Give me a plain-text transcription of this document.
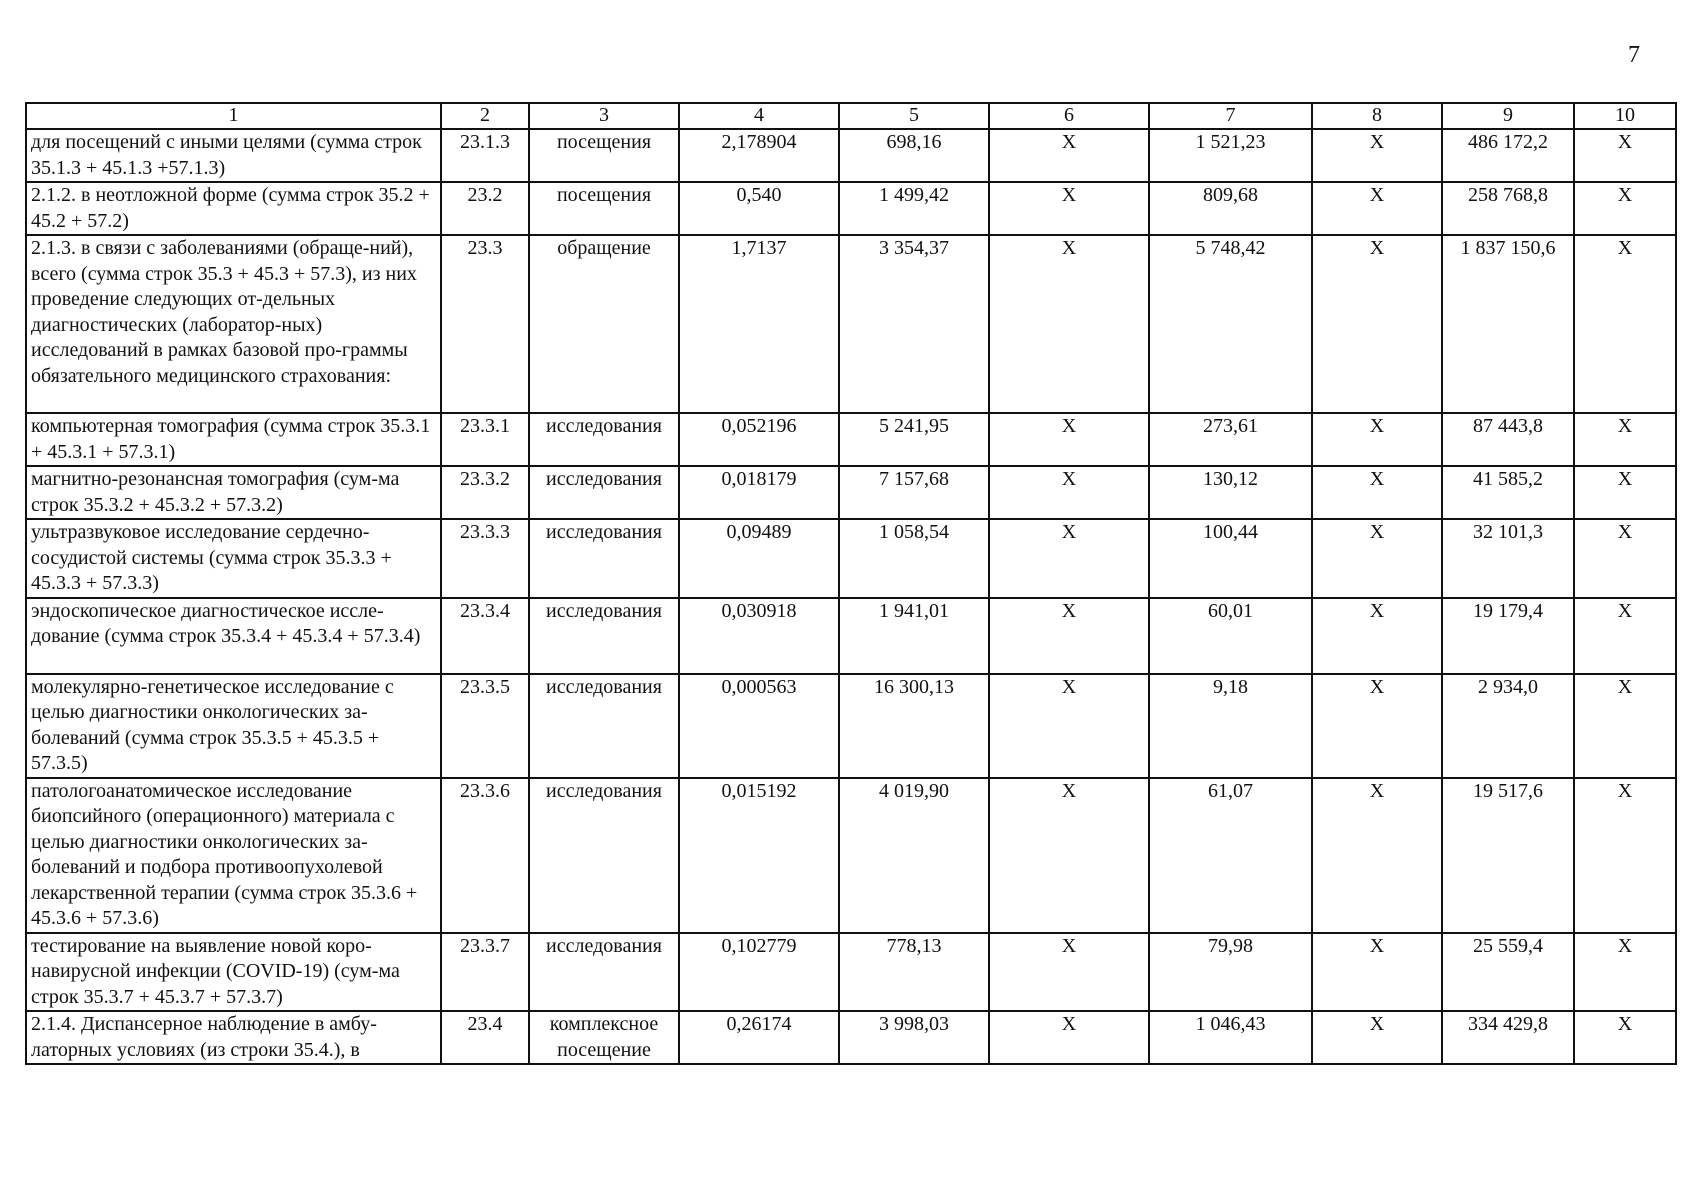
7
1	2	3	4	5	6	7	8	9	10
для посещений с иными целями (сумма строк 35.1.3 + 45.1.3 +57.1.3)	23.1.3	посещения	2,178904	698,16	X	1 521,23	X	486 172,2	X
2.1.2. в неотложной форме (сумма строк 35.2 + 45.2 + 57.2)	23.2	посещения	0,540	1 499,42	X	809,68	X	258 768,8	X
2.1.3. в связи с заболеваниями (обраще-ний), всего (сумма строк 35.3 + 45.3 + 57.3), из них проведение следующих от-дельных диагностических (лаборатор-ных) исследований в рамках базовой про-граммы обязательного медицинского страхования:	23.3	обращение	1,7137	3 354,37	X	5 748,42	X	1 837 150,6	X
компьютерная томография (сумма строк 35.3.1 + 45.3.1 + 57.3.1)	23.3.1	исследования	0,052196	5 241,95	X	273,61	X	87 443,8	X
магнитно-резонансная томография (сум-ма строк 35.3.2 + 45.3.2 + 57.3.2)	23.3.2	исследования	0,018179	7 157,68	X	130,12	X	41 585,2	X
ультразвуковое исследование сердечно-сосудистой системы (сумма строк 35.3.3 + 45.3.3 + 57.3.3)	23.3.3	исследования	0,09489	1 058,54	X	100,44	X	32 101,3	X
эндоскопическое диагностическое иссле-дование (сумма строк 35.3.4 + 45.3.4 + 57.3.4)	23.3.4	исследования	0,030918	1 941,01	X	60,01	X	19 179,4	X
молекулярно-генетическое исследование с целью диагностики онкологических за-болеваний (сумма строк 35.3.5 + 45.3.5 + 57.3.5)	23.3.5	исследования	0,000563	16 300,13	X	9,18	X	2 934,0	X
патологоанатомическое исследование биопсийного (операционного) материала с целью диагностики онкологических за-болеваний и подбора противоопухолевой лекарственной терапии (сумма строк 35.3.6 + 45.3.6 + 57.3.6)	23.3.6	исследования	0,015192	4 019,90	X	61,07	X	19 517,6	X
тестирование на выявление новой коро-навирусной инфекции (COVID-19) (сум-ма строк 35.3.7 + 45.3.7 + 57.3.7)	23.3.7	исследования	0,102779	778,13	X	79,98	X	25 559,4	X
2.1.4. Диспансерное наблюдение в амбу-латорных условиях (из строки 35.4.), в	23.4	комплексное посещение	0,26174	3 998,03	X	1 046,43	X	334 429,8	X
